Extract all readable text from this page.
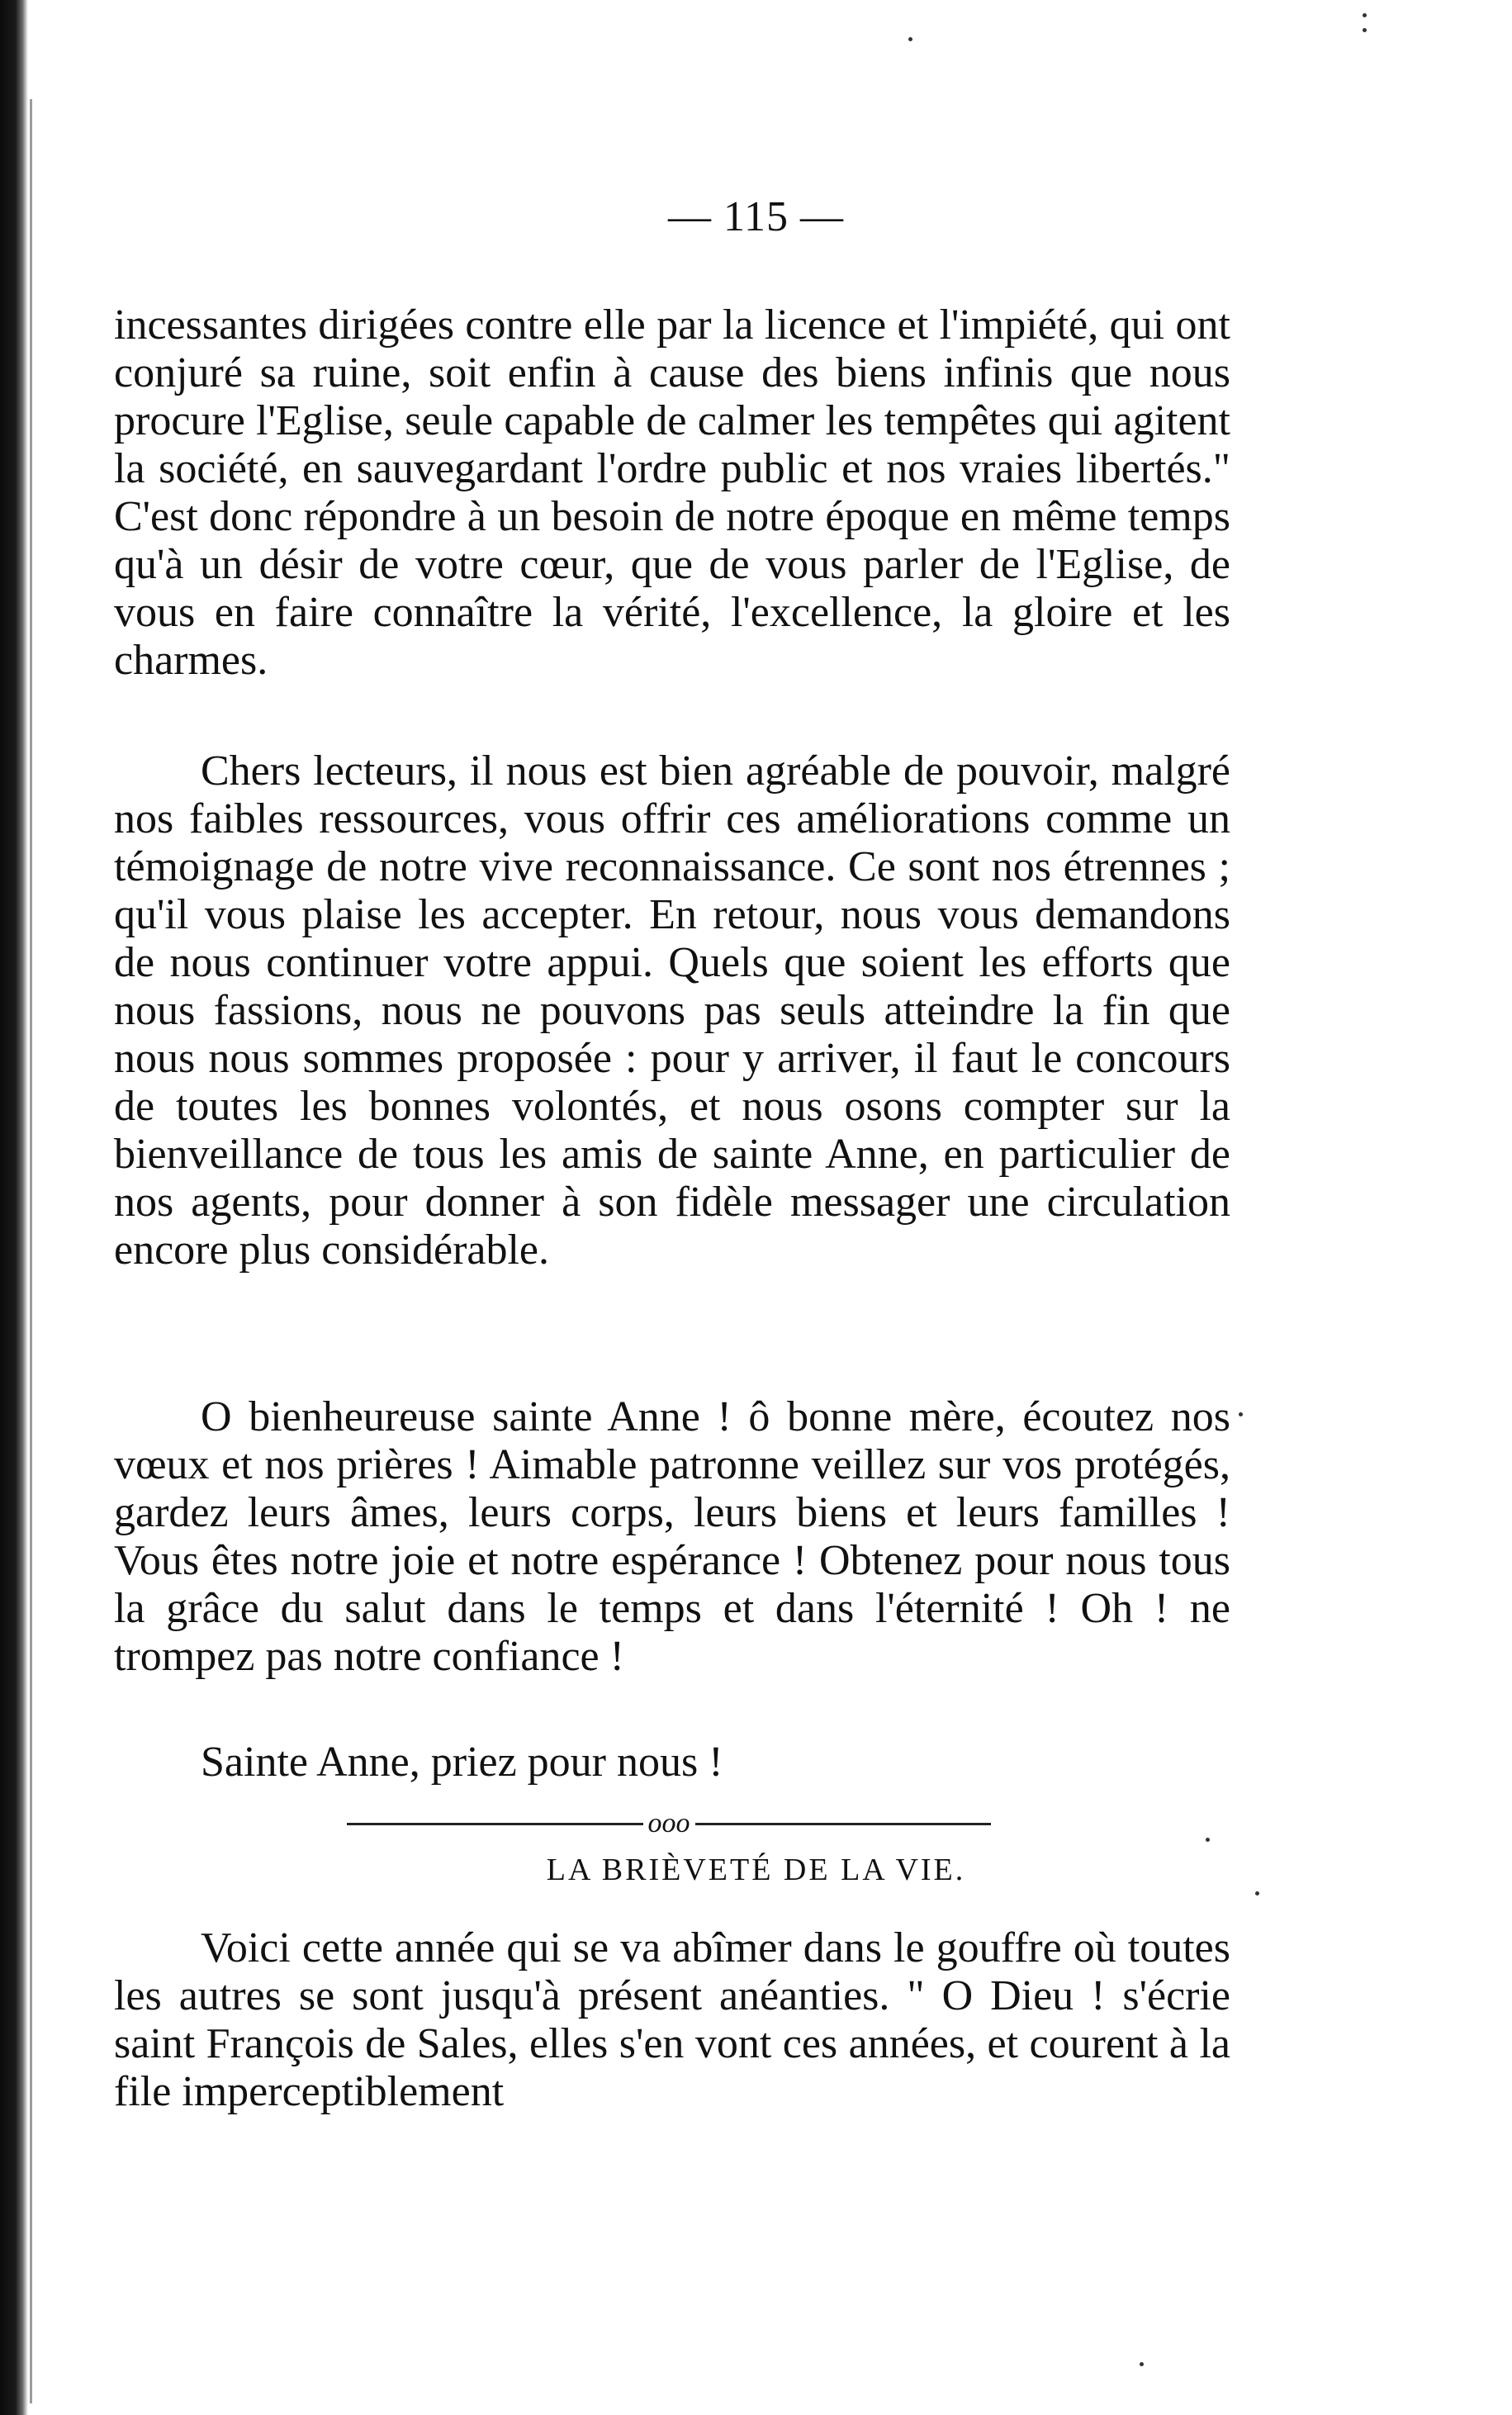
— 115 —

incessantes dirigées contre elle par la licence et l'impiété, qui ont conjuré sa ruine, soit enfin à cause des biens infinis que nous procure l'Eglise, seule capable de calmer les tempêtes qui agitent la société, en sauvegardant l'ordre public et nos vraies libertés." C'est donc répondre à un besoin de notre époque en même temps qu'à un désir de votre cœur, que de vous parler de l'Eglise, de vous en faire connaître la vérité, l'excellence, la gloire et les charmes.

Chers lecteurs, il nous est bien agréable de pouvoir, malgré nos faibles ressources, vous offrir ces améliorations comme un témoignage de notre vive reconnaissance. Ce sont nos étrennes ; qu'il vous plaise les accepter. En retour, nous vous demandons de nous continuer votre appui. Quels que soient les efforts que nous fassions, nous ne pouvons pas seuls atteindre la fin que nous nous sommes proposée : pour y arriver, il faut le concours de toutes les bonnes volontés, et nous osons compter sur la bienveillance de tous les amis de sainte Anne, en particulier de nos agents, pour donner à son fidèle messager une circulation encore plus considérable.

O bienheureuse sainte Anne ! ô bonne mère, écoutez nos vœux et nos prières ! Aimable patronne veillez sur vos protégés, gardez leurs âmes, leurs corps, leurs biens et leurs familles ! Vous êtes notre joie et notre espérance ! Obtenez pour nous tous la grâce du salut dans le temps et dans l'éternité ! Oh ! ne trompez pas notre confiance !

Sainte Anne, priez pour nous !
ooo
LA BRIÈVETÉ DE LA VIE.

Voici cette année qui se va abîmer dans le gouffre où toutes les autres se sont jusqu'à présent anéanties. " O Dieu ! s'écrie saint François de Sales, elles s'en vont ces années, et courent à la file imperceptiblement
